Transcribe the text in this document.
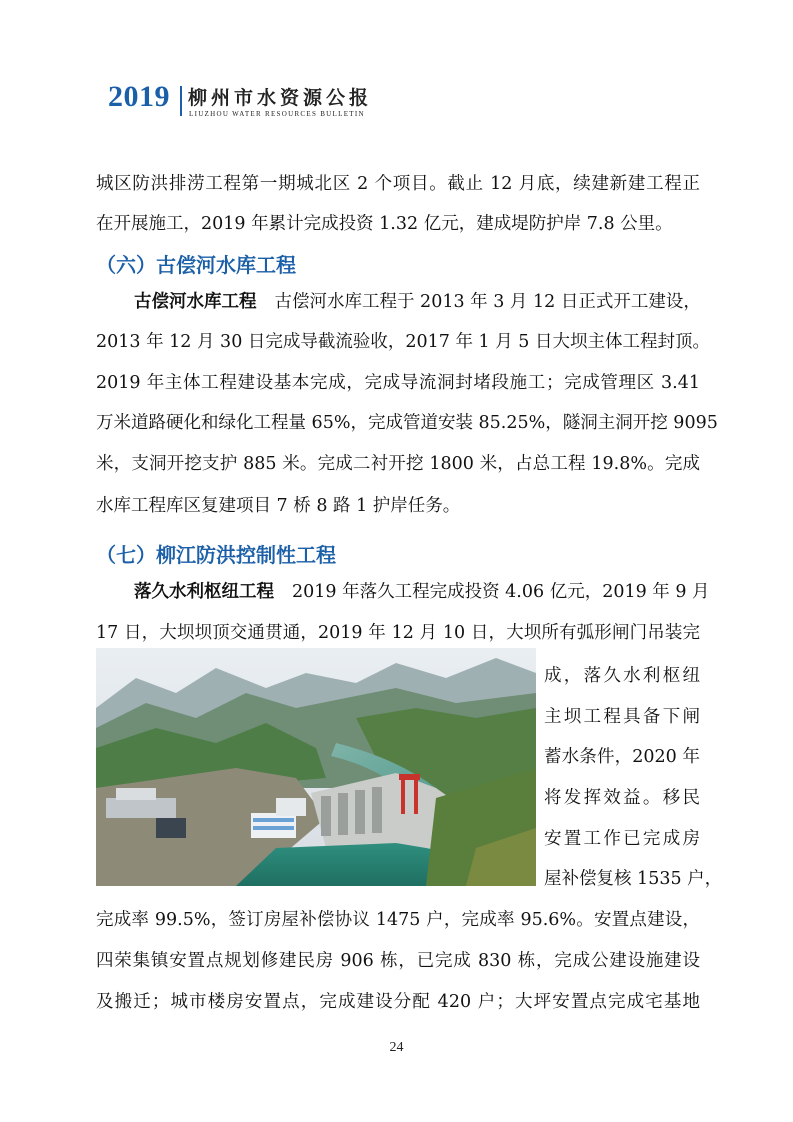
2019 柳州市水资源公报
LIUZHOU WATER RESOURCES BULLETIN
城区防洪排涝工程第一期城北区 2 个项目。截止 12 月底，续建新建工程正
在开展施工，2019 年累计完成投资 1.32 亿元，建成堤防护岸 7.8 公里。
（六）古偿河水库工程
古偿河水库工程 古偿河水库工程于 2013 年 3 月 12 日正式开工建设，
2013 年 12 月 30 日完成导截流验收，2017 年 1 月 5 日大坝主体工程封顶。
2019 年主体工程建设基本完成，完成导流洞封堵段施工；完成管理区 3.41
万米道路硬化和绿化工程量 65%，完成管道安装 85.25%，隧洞主洞开挖 9095
米，支洞开挖支护 885 米。完成二衬开挖 1800 米，占总工程 19.8%。完成
水库工程库区复建项目 7 桥 8 路 1 护岸任务。
（七）柳江防洪控制性工程
落久水利枢纽工程 2019 年落久工程完成投资 4.06 亿元，2019 年 9 月
17 日，大坝坝顶交通贯通，2019 年 12 月 10 日，大坝所有弧形闸门吊装完
成，落久水利枢纽
主坝工程具备下闸
蓄水条件，2020 年
将发挥效益。移民
安置工作已完成房
屋补偿复核 1535 户，
完成率 99.5%，签订房屋补偿协议 1475 户，完成率 95.6%。安置点建设，
四荣集镇安置点规划修建民房 906 栋，已完成 830 栋，完成公建设施建设
及搬迁；城市楼房安置点，完成建设分配 420 户；大坪安置点完成宅基地
24
